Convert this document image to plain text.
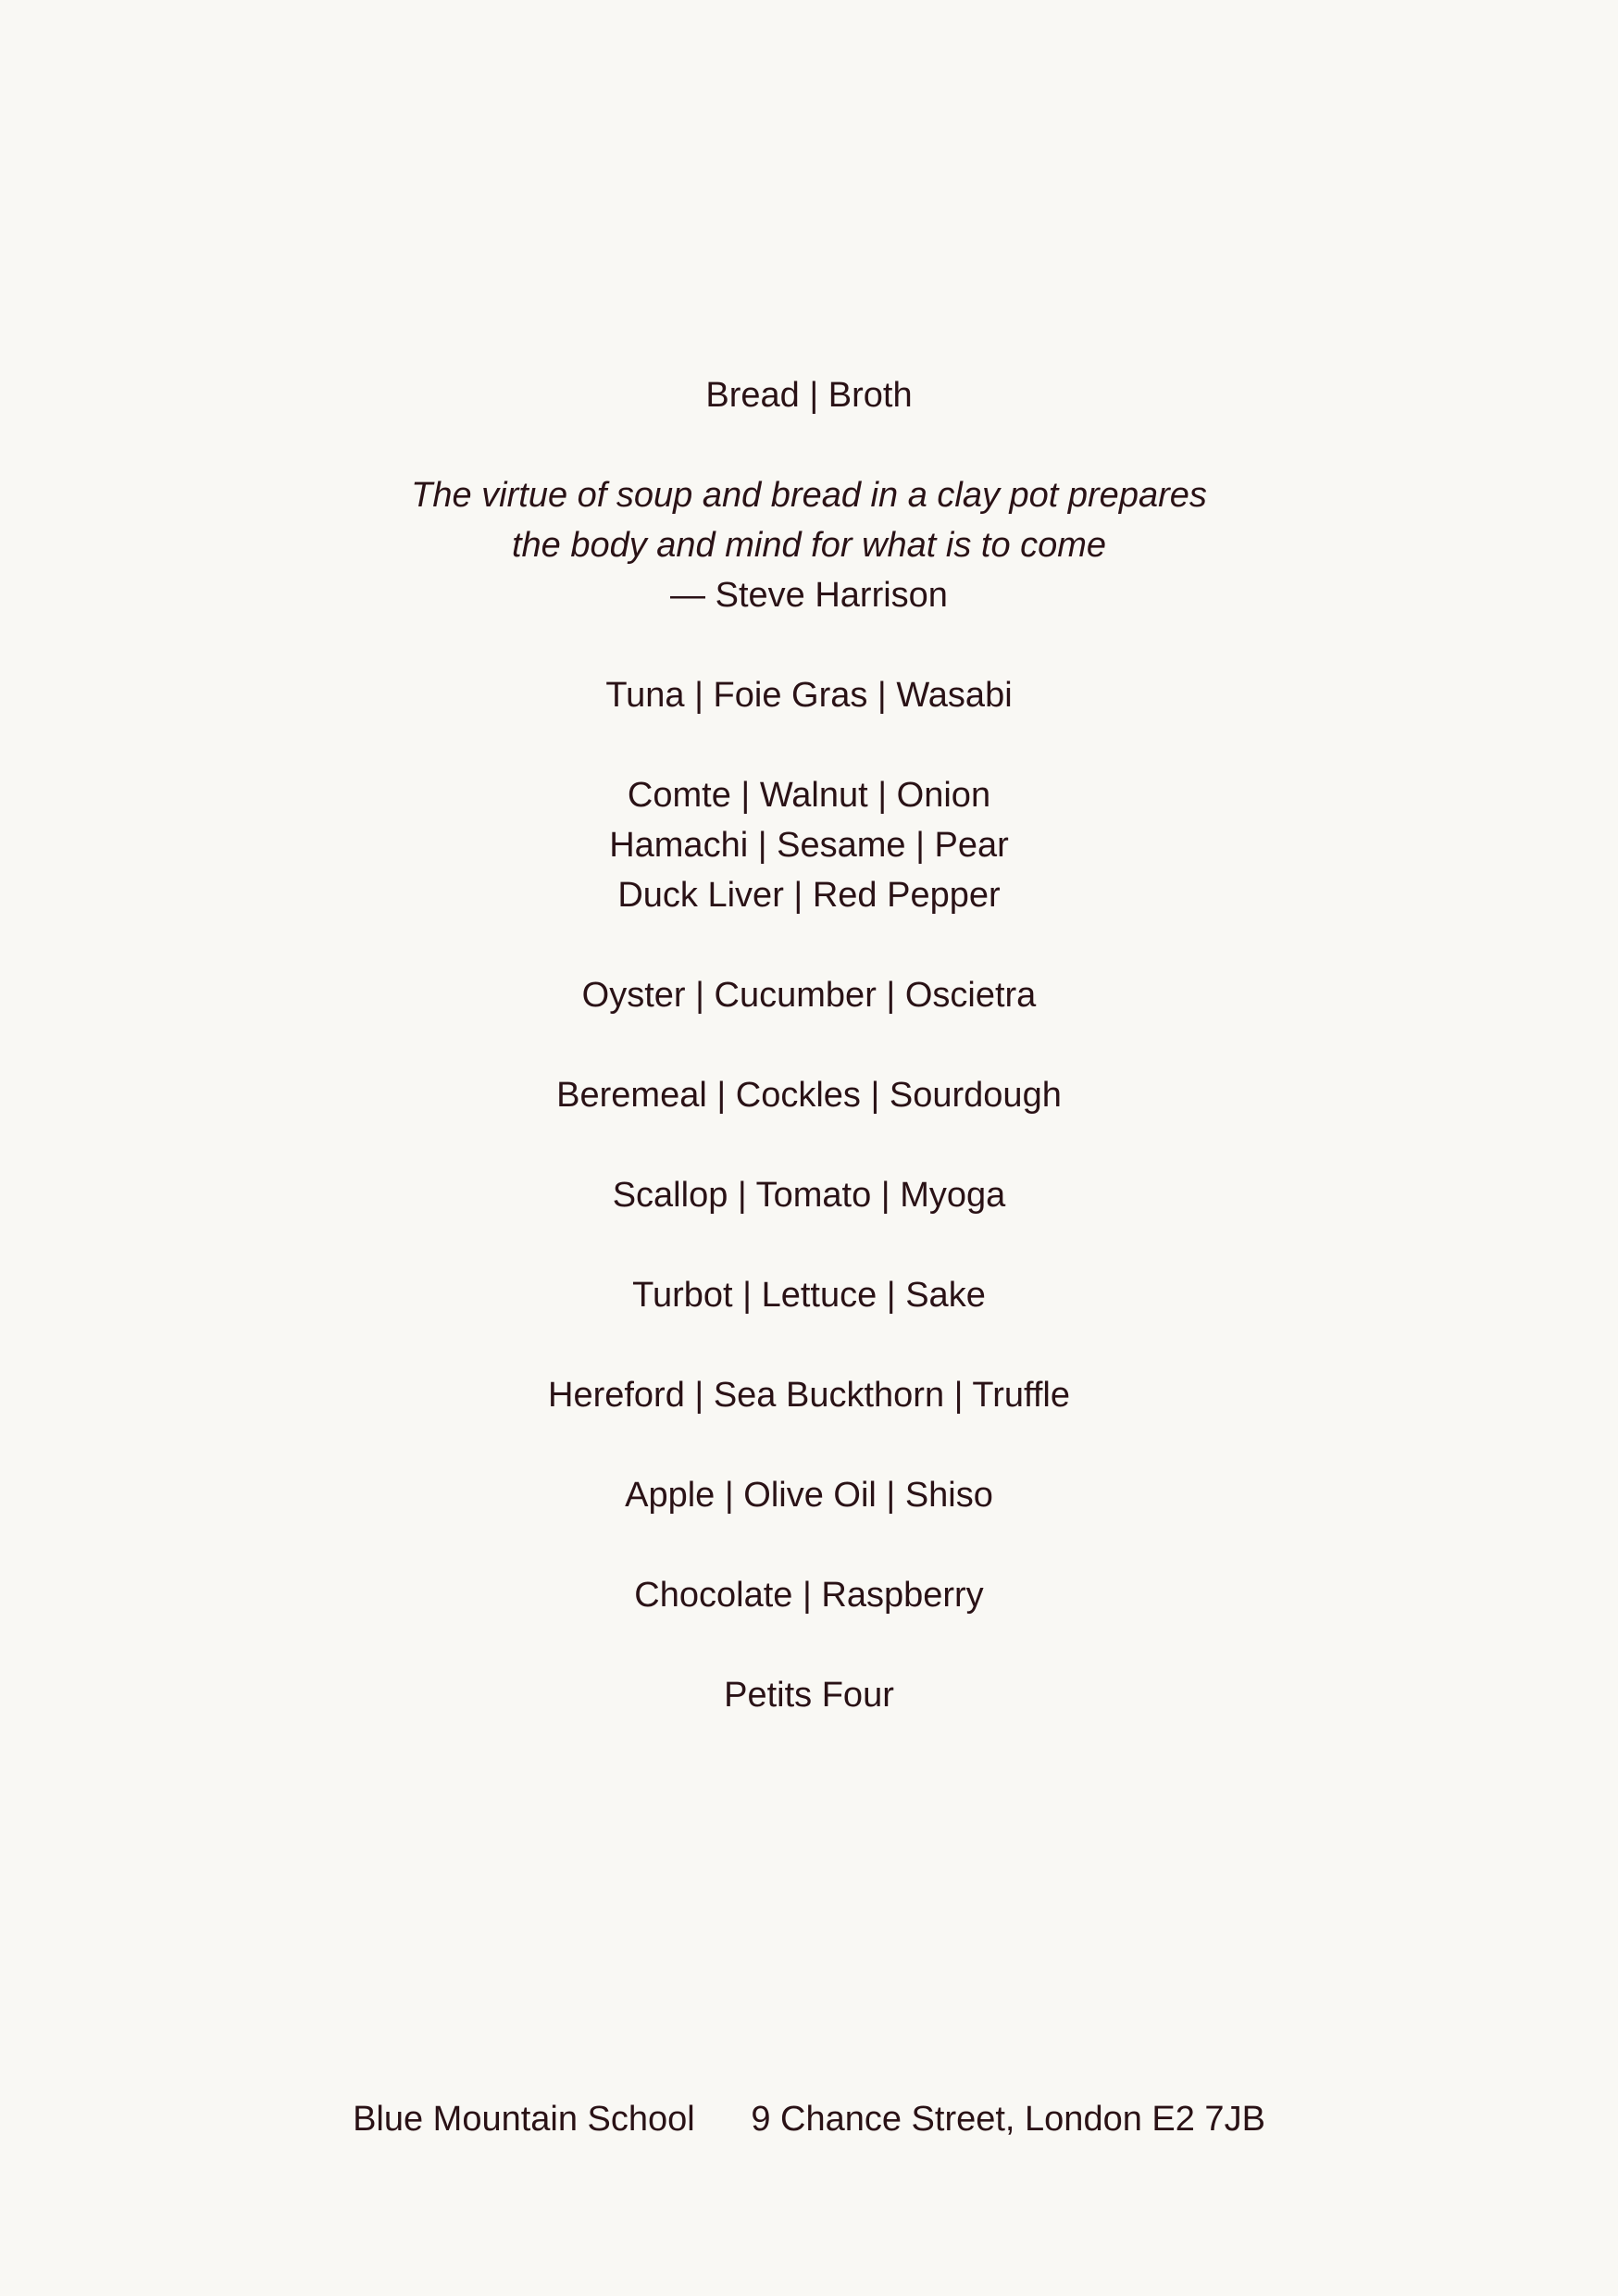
Bread | Broth
The virtue of soup and bread in a clay pot prepares
the body and mind for what is to come
— Steve Harrison
Tuna | Foie Gras | Wasabi
Comte | Walnut | Onion
Hamachi | Sesame | Pear
Duck Liver | Red Pepper
Oyster | Cucumber | Oscietra
Beremeal | Cockles | Sourdough
Scallop | Tomato | Myoga
Turbot | Lettuce | Sake
Hereford | Sea Buckthorn | Truffle
Apple | Olive Oil | Shiso
Chocolate | Raspberry
Petits Four
Blue Mountain School 9 Chance Street, London E2 7JB
